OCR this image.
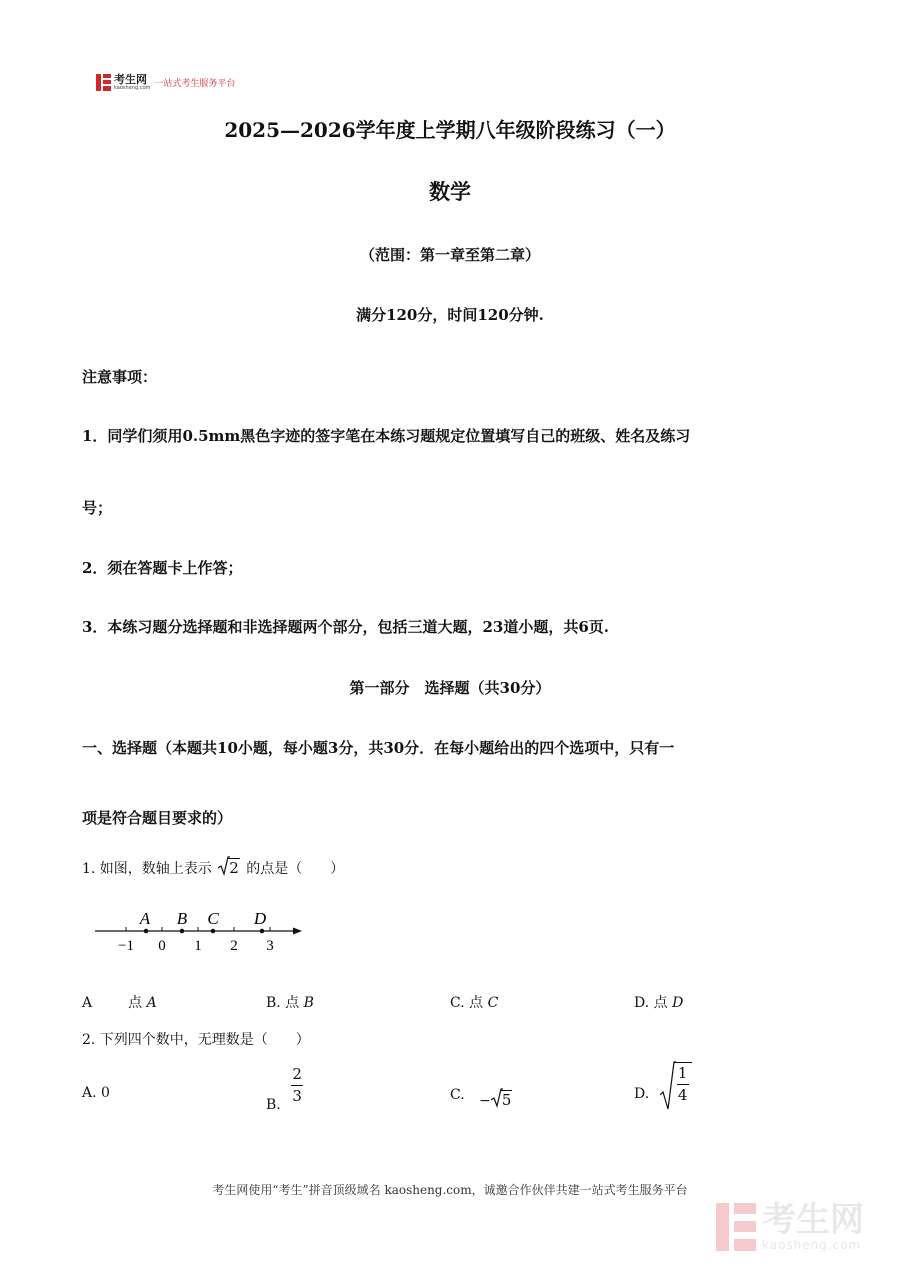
考生网
kaosheng.com 一站式考生服务平台
2025—2026学年度上学期八年级阶段练习（一）
数学
（范围：第一章至第二章）
满分120分，时间120分钟.
注意事项：
1．同学们须用0.5mm黑色字迹的签字笔在本练习题规定位置填写自己的班级、姓名及练习
号；
2．须在答题卡上作答；
3．本练习题分选择题和非选择题两个部分，包括三道大题，23道小题，共6页.
第一部分　选择题（共30分）
一、选择题（本题共10小题，每小题3分，共30分．在每小题给出的四个选项中，只有一
项是符合题目要求的）
1. 如图，数轴上表示 2 的点是（　　）
A B C D
−1 0 1 2 3
A	点 A	B. 点 B	C. 点 C	D. 点 D
2. 下列四个数中，无理数是（　　）
A. 0
B.
$\frac{2}{3}$	C. − 5	D. $\frac{1}{4}$
考生网使用“考生”拼音顶级域名 kaosheng.com，诚邀合作伙伴共建一站式考生服务平台
考生网
kaosheng.com
